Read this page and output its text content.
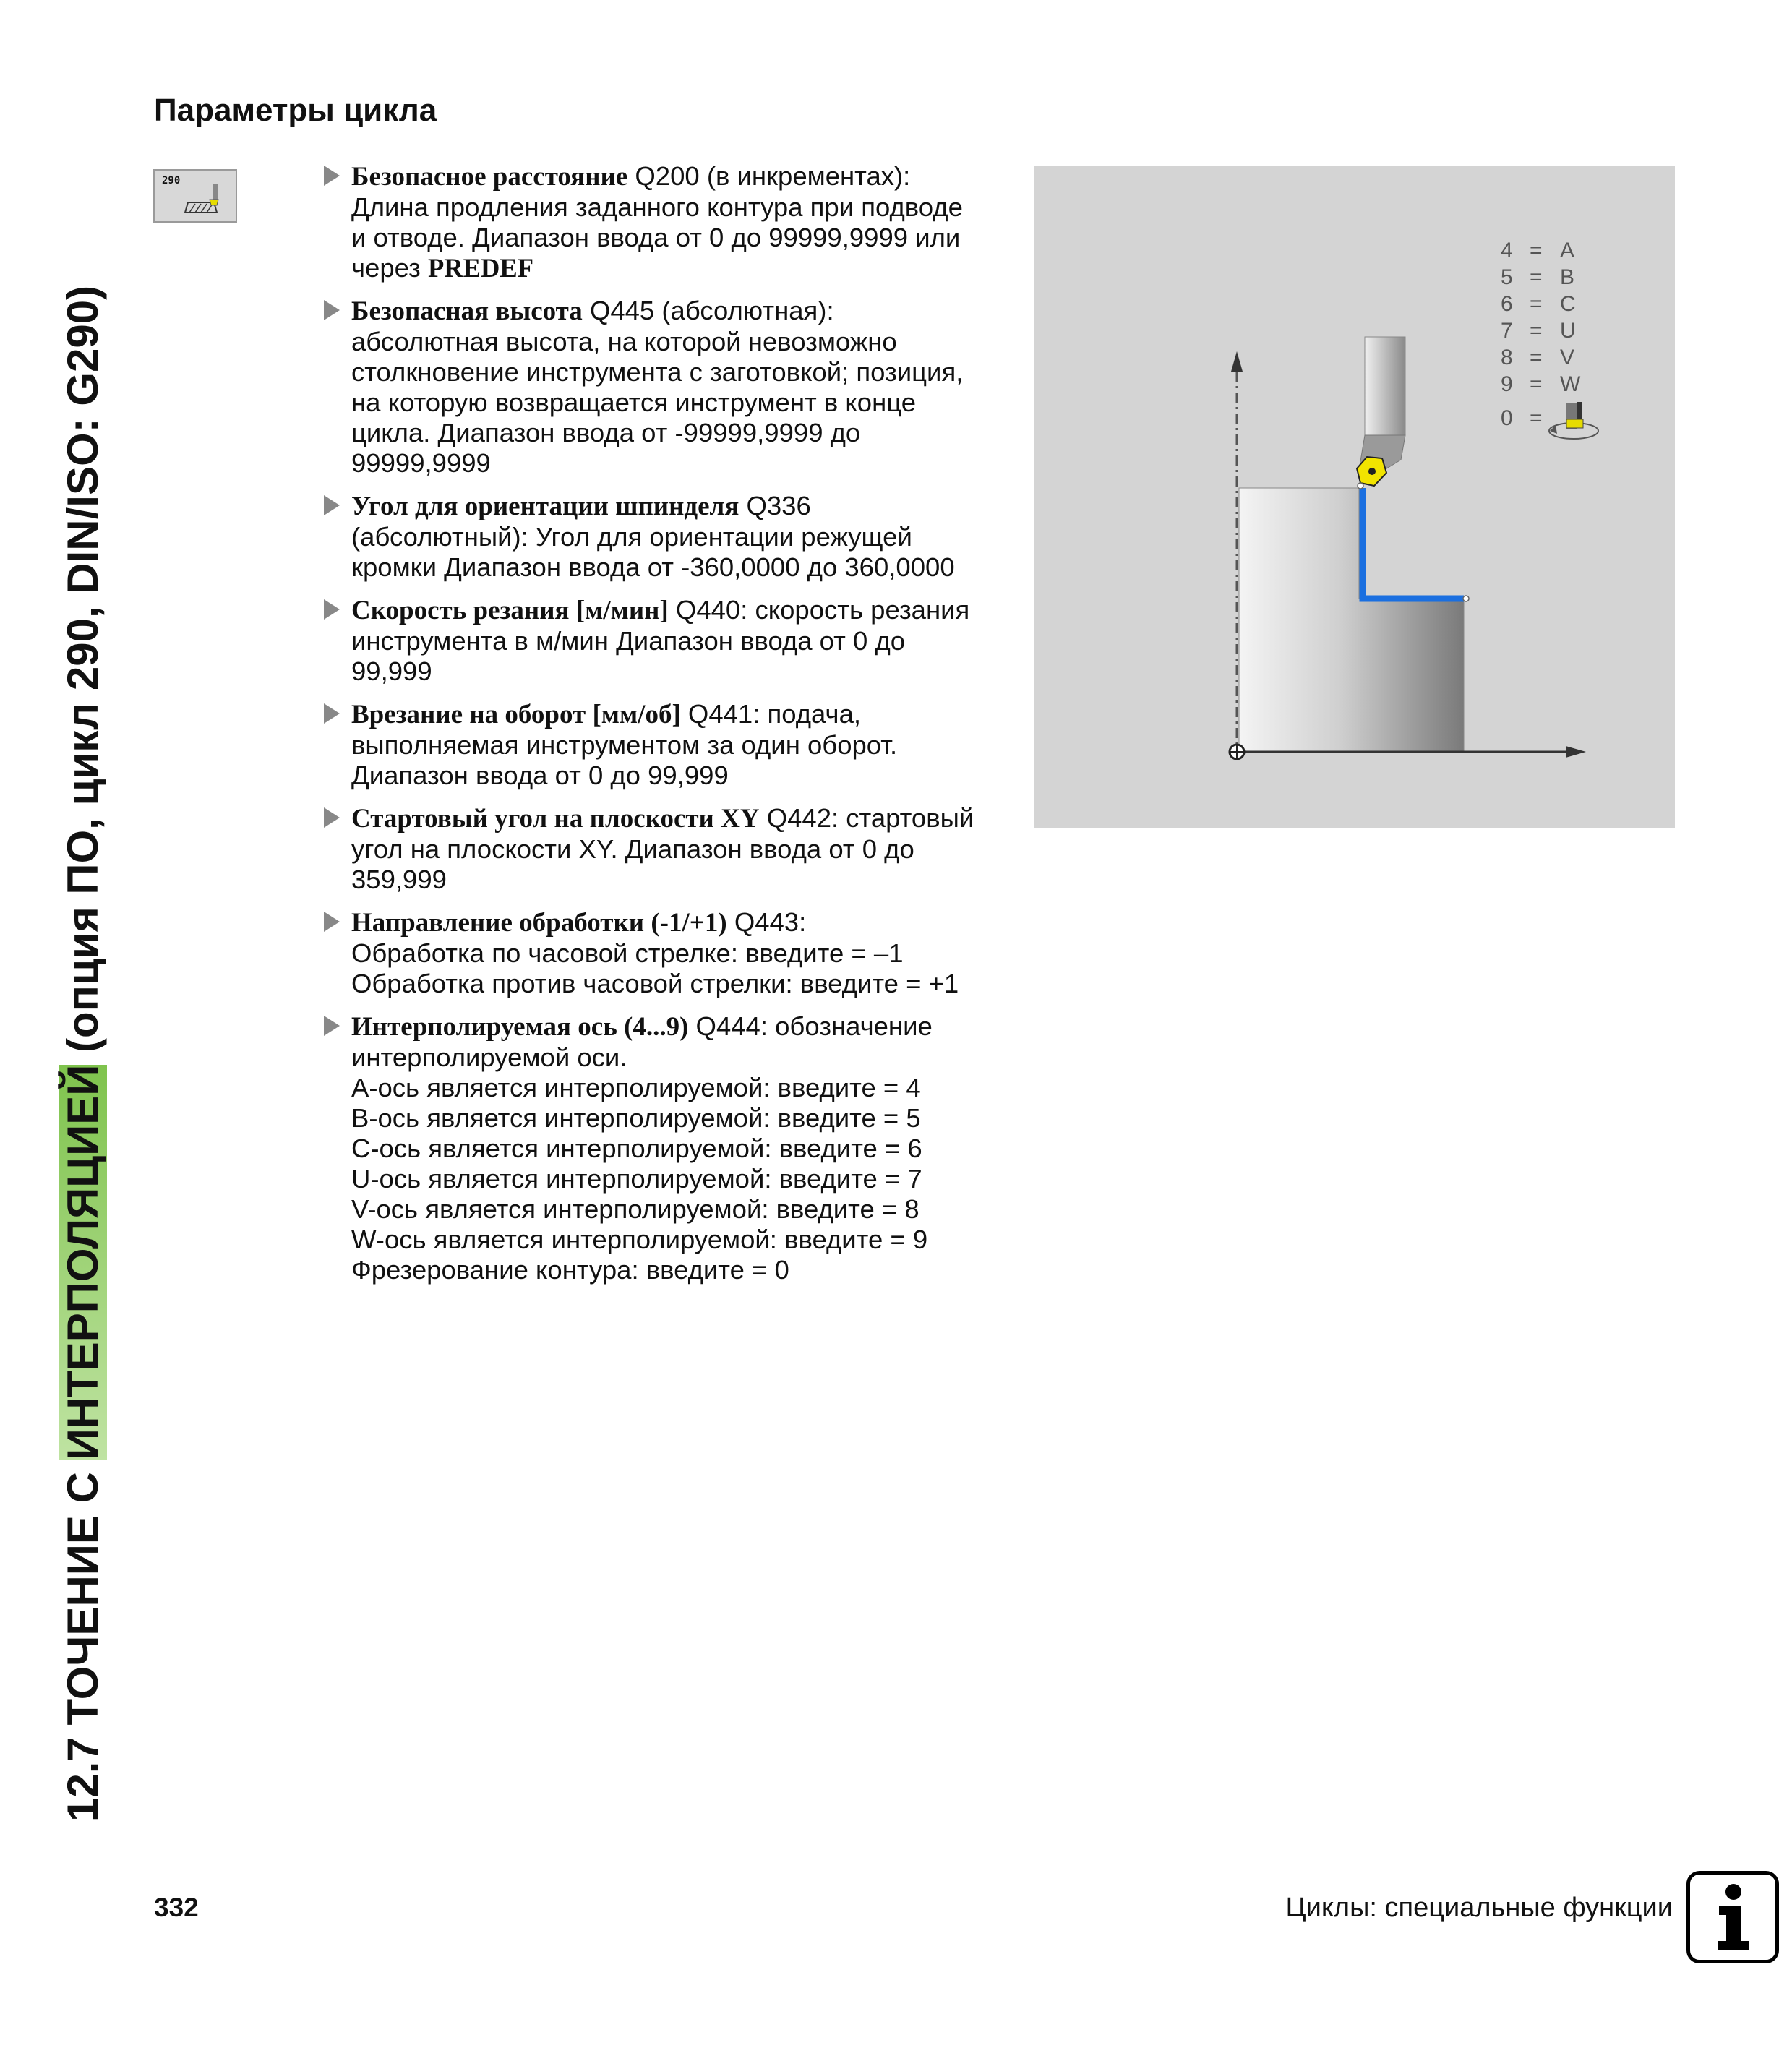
12.7 ТОЧЕНИЕ С ИНТЕРПОЛЯЦИЕЙ (опция ПО, цикл 290, DIN/ISO: G290)
Параметры цикла
290	Безопасное расстояние Q200 (в инкрементах):
Длина продления заданного контура при подводе
и отводе. Диапазон ввода от 0 до 99999,9999 или
через PREDEF
Безопасная высота Q445 (абсолютная):
абсолютная высота, на которой невозможно
столкновение инструмента с заготовкой; позиция,
на которую возвращается инструмент в конце
цикла. Диапазон ввода от -99999,9999 до
99999,9999
Угол для ориентации шпинделя Q336
(абсолютный): Угол для ориентации режущей
кромки Диапазон ввода от -360,0000 до 360,0000
Скорость резания [м/мин] Q440: скорость резания
инструмента в м/мин Диапазон ввода от 0 до
99,999
Врезание на оборот [мм/об] Q441: подача,
выполняемая инструментом за один оборот.
Диапазон ввода от 0 до 99,999
Стартовый угол на плоскости XY Q442: стартовый
угол на плоскости XY. Диапазон ввода от 0 до
359,999
Направление обработки (-1/+1) Q443:
Обработка по часовой стрелке: введите = –1
Обработка против часовой стрелки: введите = +1
Интерполируемая ось (4...9) Q444: обозначение
интерполируемой оси.
A-ось является интерполируемой: введите = 4
B-ось является интерполируемой: введите = 5
C-ось является интерполируемой: введите = 6
U-ось является интерполируемой: введите = 7
V-ось является интерполируемой: введите = 8
W-ось является интерполируемой: введите = 9
Фрезерование контура: введите = 0
4 = A
5 = B
6 = C
7 = U
8 = V
9 = W
0 =
332	Циклы: специальные функции
